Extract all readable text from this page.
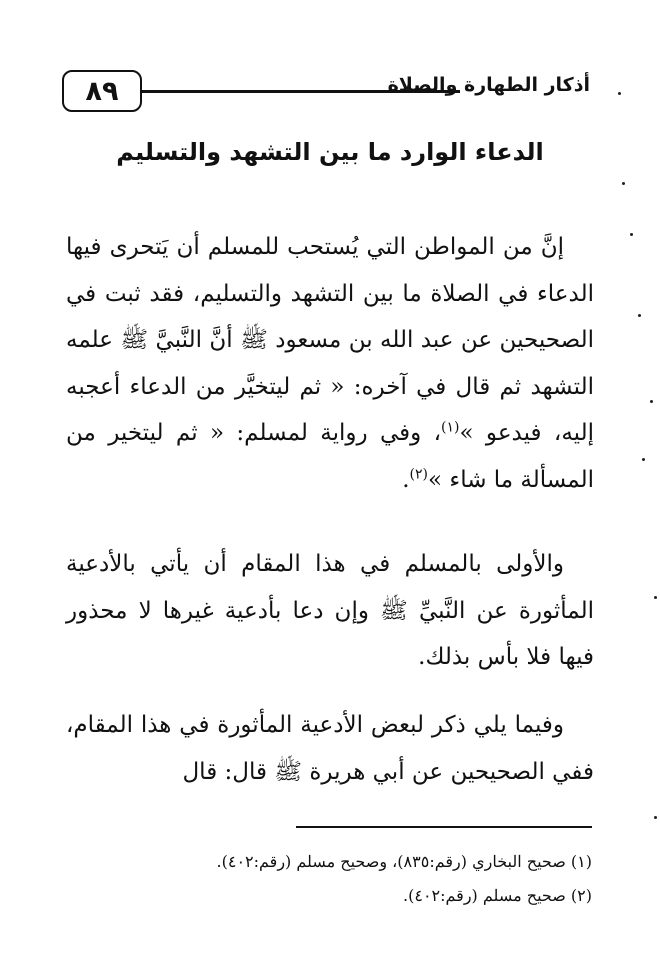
٨٩	أذكار الطهارة والصلاة
الدعاء الوارد ما بين التشهد والتسليم

إنَّ من المواطن التي يُستحب للمسلم أن يَتحرى فيها الدعاء في الصلاة ما بين التشهد والتسليم، فقد ثبت في الصحيحين عن عبد الله بن مسعود ﷺ أنَّ النَّبيَّ ﷺ علمه التشهد ثم قال في آخره: « ثم ليتخيَّر من الدعاء أعجبه إليه، فيدعو »$^{(١)}$، وفي رواية لمسلم: « ثم ليتخير من المسألة ما شاء »$^{(٢)}$.

والأولى بالمسلم في هذا المقام أن يأتي بالأدعية المأثورة عن النَّبيِّ ﷺ وإن دعا بأدعية غيرها لا محذور فيها فلا بأس بذلك.

وفيما يلي ذكر لبعض الأدعية المأثورة في هذا المقام، ففي الصحيحين عن أبي هريرة ﷺ قال: قال

(١) صحيح البخاري (رقم:٨٣٥)، وصحيح مسلم (رقم:٤٠٢).
(٢) صحيح مسلم (رقم:٤٠٢).
